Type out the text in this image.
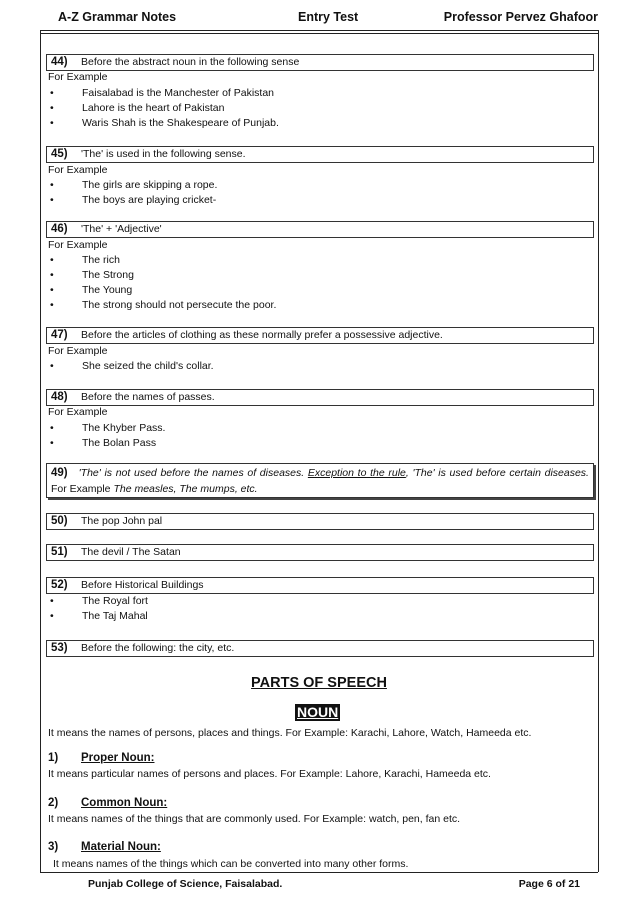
A-Z Grammar Notes	Entry Test	Professor Pervez Ghafoor
44) Before the abstract noun in the following sense
For Example
Faisalabad is the Manchester of Pakistan
Lahore is the heart of Pakistan
Waris Shah is the Shakespeare of Punjab.
45) 'The' is used in the following sense.
For Example
The girls are skipping a rope.
The boys are playing cricket-
46) 'The' + 'Adjective'
For Example
The rich
The Strong
The Young
The strong should not persecute the poor.
47) Before the articles of clothing as these normally prefer a possessive adjective.
For Example
She seized the child's collar.
48) Before the names of passes.
For Example
The Khyber Pass.
The Bolan Pass
49) 'The' is not used before the names of diseases. Exception to the rule, 'The' is used before certain diseases. For Example The measles, The mumps, etc.
50) The pop John pal
51) The devil / The Satan
52) Before Historical Buildings
The Royal fort
The Taj Mahal
53) Before the following: the city, etc.
PARTS OF SPEECH
NOUN
It means the names of persons, places and things. For Example: Karachi, Lahore, Watch, Hameeda etc.
1) Proper Noun:
It means particular names of persons and places. For Example: Lahore, Karachi, Hameeda etc.
2) Common Noun:
It means names of the things that are commonly used. For Example: watch, pen, fan etc.
3) Material Noun:
It means names of the things which can be converted into many other forms.
Punjab College of Science, Faisalabad.	Page 6 of 21
